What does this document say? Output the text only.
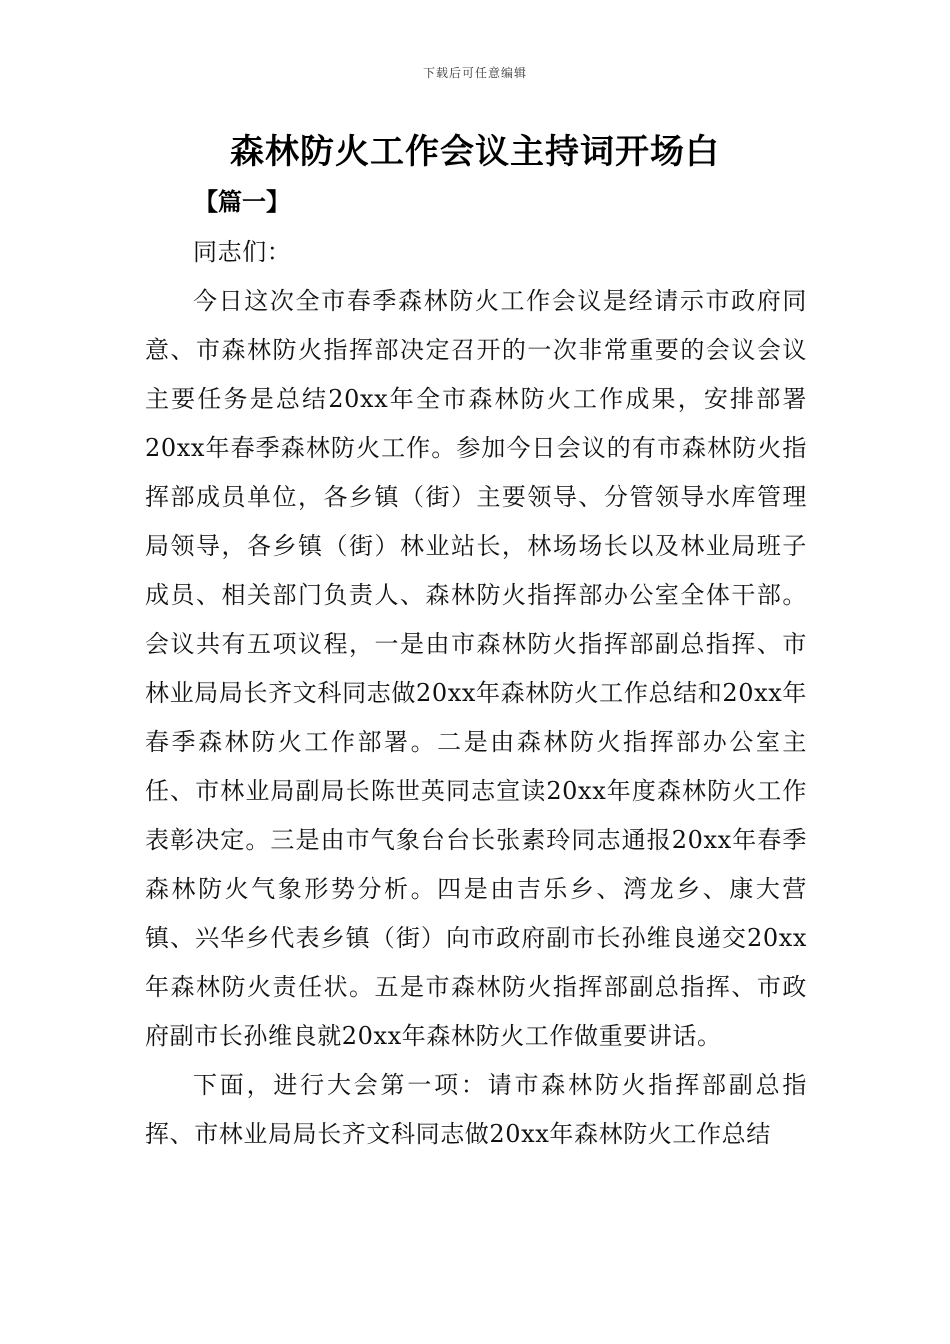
下载后可任意编辑
森林防火工作会议主持词开场白
【篇一】

同志们：

今日这次全市春季森林防火工作会议是经请示市政府同意、市森林防火指挥部决定召开的一次非常重要的会议会议主要任务是总结20xx年全市森林防火工作成果，安排部署20xx年春季森林防火工作。参加今日会议的有市森林防火指挥部成员单位，各乡镇（街）主要领导、分管领导水库管理局领导，各乡镇（街）林业站长，林场场长以及林业局班子成员、相关部门负责人、森林防火指挥部办公室全体干部。会议共有五项议程，一是由市森林防火指挥部副总指挥、市林业局局长齐文科同志做20xx年森林防火工作总结和20xx年春季森林防火工作部署。二是由森林防火指挥部办公室主任、市林业局副局长陈世英同志宣读20xx年度森林防火工作表彰决定。三是由市气象台台长张素玲同志通报20xx年春季森林防火气象形势分析。四是由吉乐乡、湾龙乡、康大营镇、兴华乡代表乡镇（街）向市政府副市长孙维良递交20xx年森林防火责任状。五是市森林防火指挥部副总指挥、市政府副市长孙维良就20xx年森林防火工作做重要讲话。

下面，进行大会第一项：请市森林防火指挥部副总指挥、市林业局局长齐文科同志做20xx年森林防火工作总结
